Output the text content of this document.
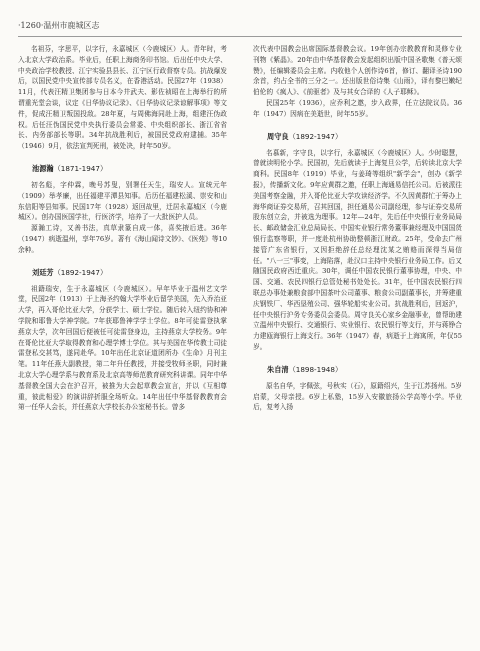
·1260·温州市鹿城区志

名祖芬，字思平，以字行，永嘉城区（今鹿城区）人。青年时，考入北京大学政治系。毕业后，任职上海商务印书馆。后出任中央大学、中央政治学校教授、江宁实验县县长、江宁区行政督察专员。抗战爆发后，以国民党中央宣传部专员名义，在香港活动。民国27年（1938）11月，代表汪精卫集团参与日本今井武夫、影佐祯昭在上海举行的所谓重光堂会谈，议定《日华协议记录》、《日华协议记录谅解事项》等文件，促成汪精卫叛国投敌。28年夏，与周佛海同赴上海，组建汪伪政权。后任汪伪国民党中央执行委员会常委、中央组织部长、浙江省省长、内务部部长等职。34年抗战胜利后，被国民党政府逮捕。35年（1946）9月，依法宣判死刑，被处决，时年50岁。

池源瀚（1871-1947）

初名彪，字仲霖，晚号苏叟，别署任天生，瑞安人。宣统元年（1909）举孝廉，出任福建平潭县知事。后历任福建松溪、崇安和山东信阳等县知事。民国17年（1928）返回故里，迁居永嘉城区（今鹿城区）。创办国医国学社，行医济学，培养了一大批医护人员。

源瀚工诗，又善书法，真草隶篆自成一体，喜奖掖后进。36年（1947）病逝温州，享年76岁。著有《海山闻诗文钞》、《医苑》等10余种。

刘廷芳（1892-1947）

祖籍瑞安，生于永嘉城区（今鹿城区）。早年毕业于温州艺文学堂，民国2年（1913）于上海圣约翰大学毕业后留学美国，先入乔治亚大学，再入哥伦比亚大学，分获学士、硕士学位。随后转入纽约协和神学院和耶鲁大学神学院。7年获耶鲁神学学士学位。8年可徒雷登执掌燕京大学，次年回国后便被任可徒雷登身边，主持燕京大学校务。9年在哥伦比亚大学取得教育和心理学博士学位。其与美国在华传教士司徒雷登私交甚笃，遂同赴华。10年出任北京证道团所办《生命》月刊主笔。11年任燕大副教授，第二年升任教授，并接受牧师圣职，同时兼北京大学心理学系与教育系及北京高等师范教育研究科讲课。同年中华基督教全国大会在沪召开，被推为大会起草教会宣言，并以《互相尊重，彼此相爱》的演讲辞折服全场听众。14年出任中华基督教教育会第一任华人会长，并任燕京大学校长办公室秘书长。曾多

次代表中国教会出席国际基督教会议。19年创办宗教教育和灵修专业刊物《紫晶》。20年由中华基督教会发起组织出版中国圣歌集《普天颂赞》，任编辑委员会主席。内收他个人创作诗6首，修订、翻译圣诗190余首，约占全书的三分之一。还出版世俗诗集《山雨》，译有黎巴嫩纪伯伦的《疯人》、《前驱者》及与其女合译的《人子耶稣》。

民国25年（1936），应乔利之邀，步入政界，任立法院议员。36年（1947）因病在美逝世，时年55岁。

周守良（1892-1947）

名慕新，字守良，以字行，永嘉城区（今鹿城区）人。少时聪慧，曾就读明伦小学。民国初，先后就读于上海复旦公学，后转读北京大学商科。民国8年（1919）毕业，与姜琦等组织"新学会"，创办《新学报》，传播新文化。9年应黄群之邀，任职上海通易信托公司。后被派往美国考察金融，并入哥伦比亚大学攻读经济学。不久因黄群忙于筹办上海华商证券交易所，召其回国，担任通易公司副经理，参与证券交易所股东创立会，并被选为理事。12年—24年，先后任中央银行业务局局长、邮政储金汇业总局局长、中国实业银行常务董事兼经理及中国国货银行监察等职，并一度赴杭州协助整顿浙江财政。25年，受命去广州接管广东省银行，又因拒绝辞任总经理沈某之贿赂而深得当局信任。"八一三"事变，上海陷落，赴汉口主持中央银行业务局工作。后又随国民政府西迁重庆。30年，调任中国农民银行董事协理，中央、中国、交通、农民四银行总管处秘书处处长。31年，任中国农民银行四联总办事处兼粮食部中国茶叶公司董事、粮食公司副董事长，并筹建重庆钢铁厂、华西垦殖公司、强华轮船实业公司。抗战胜利后，回返沪，任中央银行沪务专务委员会委员。周守良关心家乡金融事业，曾帮助建立温州中央银行、交通银行、实业银行、农民银行等支行，并与蒋铮合力建瓯海银行上海支行。36年（1947）春，病逝于上海寓所，年仅55岁。

朱自清（1898-1948）

原名自华，字佩弦，号秋实（石），原籍绍兴，生于江苏扬州。5岁启蒙，父母亲授。6岁上私塾，15岁入安徽旅扬公学高等小学。毕业后，复考入扬
